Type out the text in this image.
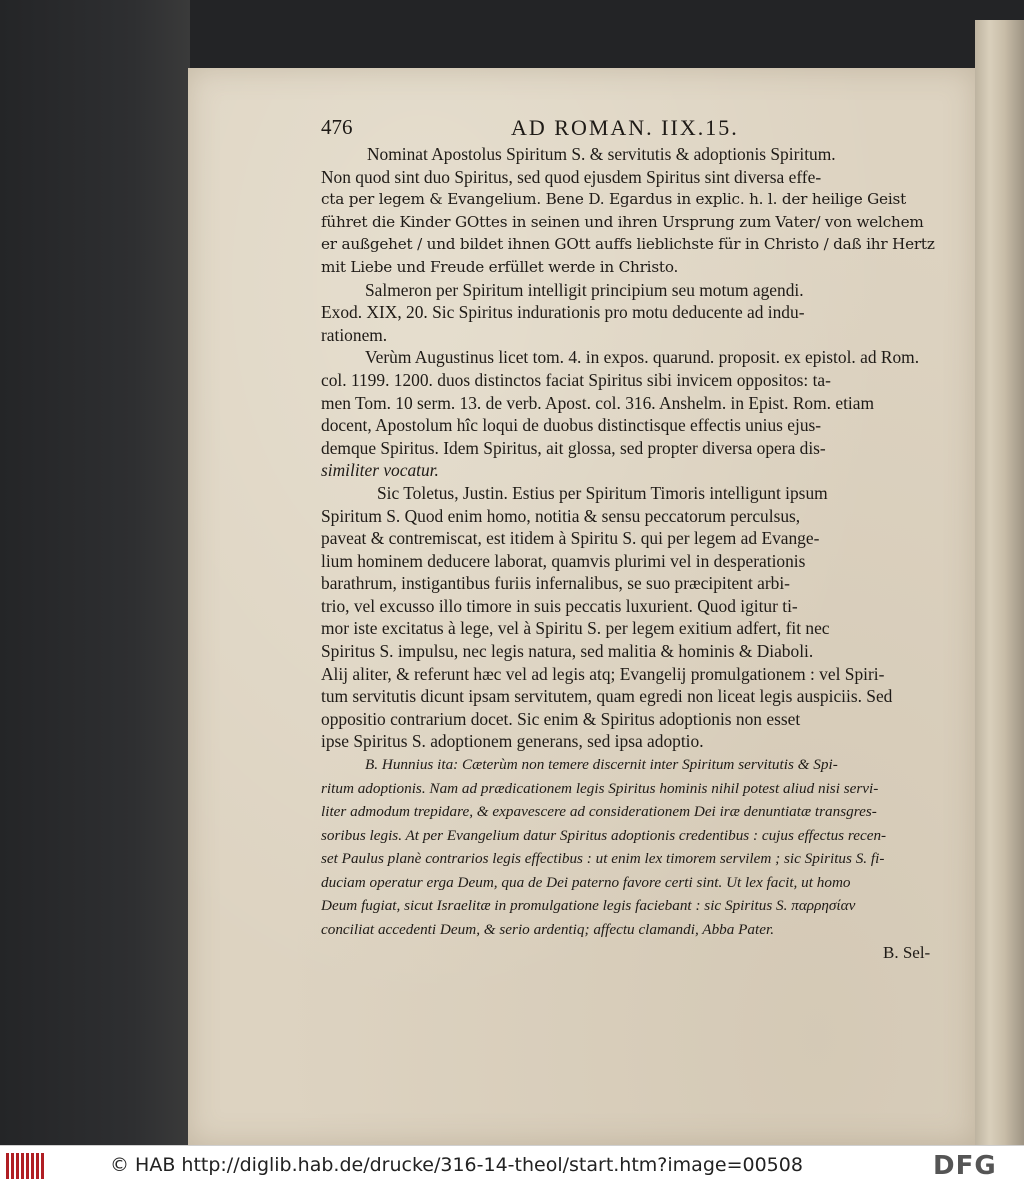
476	AD ROMAN. IIX.15.
Nominat Apostolus Spiritum S. & servitutis & adoptionis Spiritum.
Non quod sint duo Spiritus, sed quod ejusdem Spiritus sint diversa effe-
cta per legem & Evangelium. Bene D. Egardus in explic. h. l. der heilige Geist
führet die Kinder GOttes in seinen und ihren Ursprung zum Vater/ von welchem
er außgehet / und bildet ihnen GOtt auffs lieblichste für in Christo / daß ihr Hertz
mit Liebe und Freude erfüllet werde in Christo.
Salmeron per Spiritum intelligit principium seu motum agendi.
Exod. XIX, 20. Sic Spiritus indurationis pro motu deducente ad indu-
rationem.
Verùm Augustinus licet tom. 4. in expos. quarund. proposit. ex epistol. ad Rom.
col. 1199. 1200. duos distinctos faciat Spiritus sibi invicem oppositos: ta-
men Tom. 10 serm. 13. de verb. Apost. col. 316. Anshelm. in Epist. Rom. etiam
docent, Apostolum hîc loqui de duobus distinctisque effectis unius ejus-
demque Spiritus. Idem Spiritus, ait glossa, sed propter diversa opera dis-
similiter vocatur.
Sic Toletus, Justin. Estius per Spiritum Timoris intelligunt ipsum
Spiritum S. Quod enim homo, notitia & sensu peccatorum perculsus,
paveat & contremiscat, est itidem à Spiritu S. qui per legem ad Evange-
lium hominem deducere laborat, quamvis plurimi vel in desperationis
barathrum, instigantibus furiis infernalibus, se suo præcipitent arbi-
trio, vel excusso illo timore in suis peccatis luxurient. Quod igitur ti-
mor iste excitatus à lege, vel à Spiritu S. per legem exitium adfert, fit nec
Spiritus S. impulsu, nec legis natura, sed malitia & hominis & Diaboli.
Alij aliter, & referunt hæc vel ad legis atq; Evangelij promulgationem : vel Spiri-
tum servitutis dicunt ipsam servitutem, quam egredi non liceat legis auspiciis. Sed
oppositio contrarium docet. Sic enim & Spiritus adoptionis non esset
ipse Spiritus S. adoptionem generans, sed ipsa adoptio.
B. Hunnius ita: Cæterùm non temere discernit inter Spiritum servitutis & Spi-
ritum adoptionis. Nam ad prædicationem legis Spiritus hominis nihil potest aliud nisi servi-
liter admodum trepidare, & expavescere ad considerationem Dei iræ denuntiatæ transgres-
soribus legis. At per Evangelium datur Spiritus adoptionis credentibus : cujus effectus recen-
set Paulus planè contrarios legis effectibus : ut enim lex timorem servilem ; sic Spiritus S. fi-
duciam operatur erga Deum, qua de Dei paterno favore certi sint. Ut lex facit, ut homo
Deum fugiat, sicut Israelitæ in promulgatione legis faciebant : sic Spiritus S. παρρησίαν
conciliat accedenti Deum, & serio ardentiq; affectu clamandi, Abba Pater.
B. Sel-
© HAB http://diglib.hab.de/drucke/316-14-theol/start.htm?image=00508	DFG
